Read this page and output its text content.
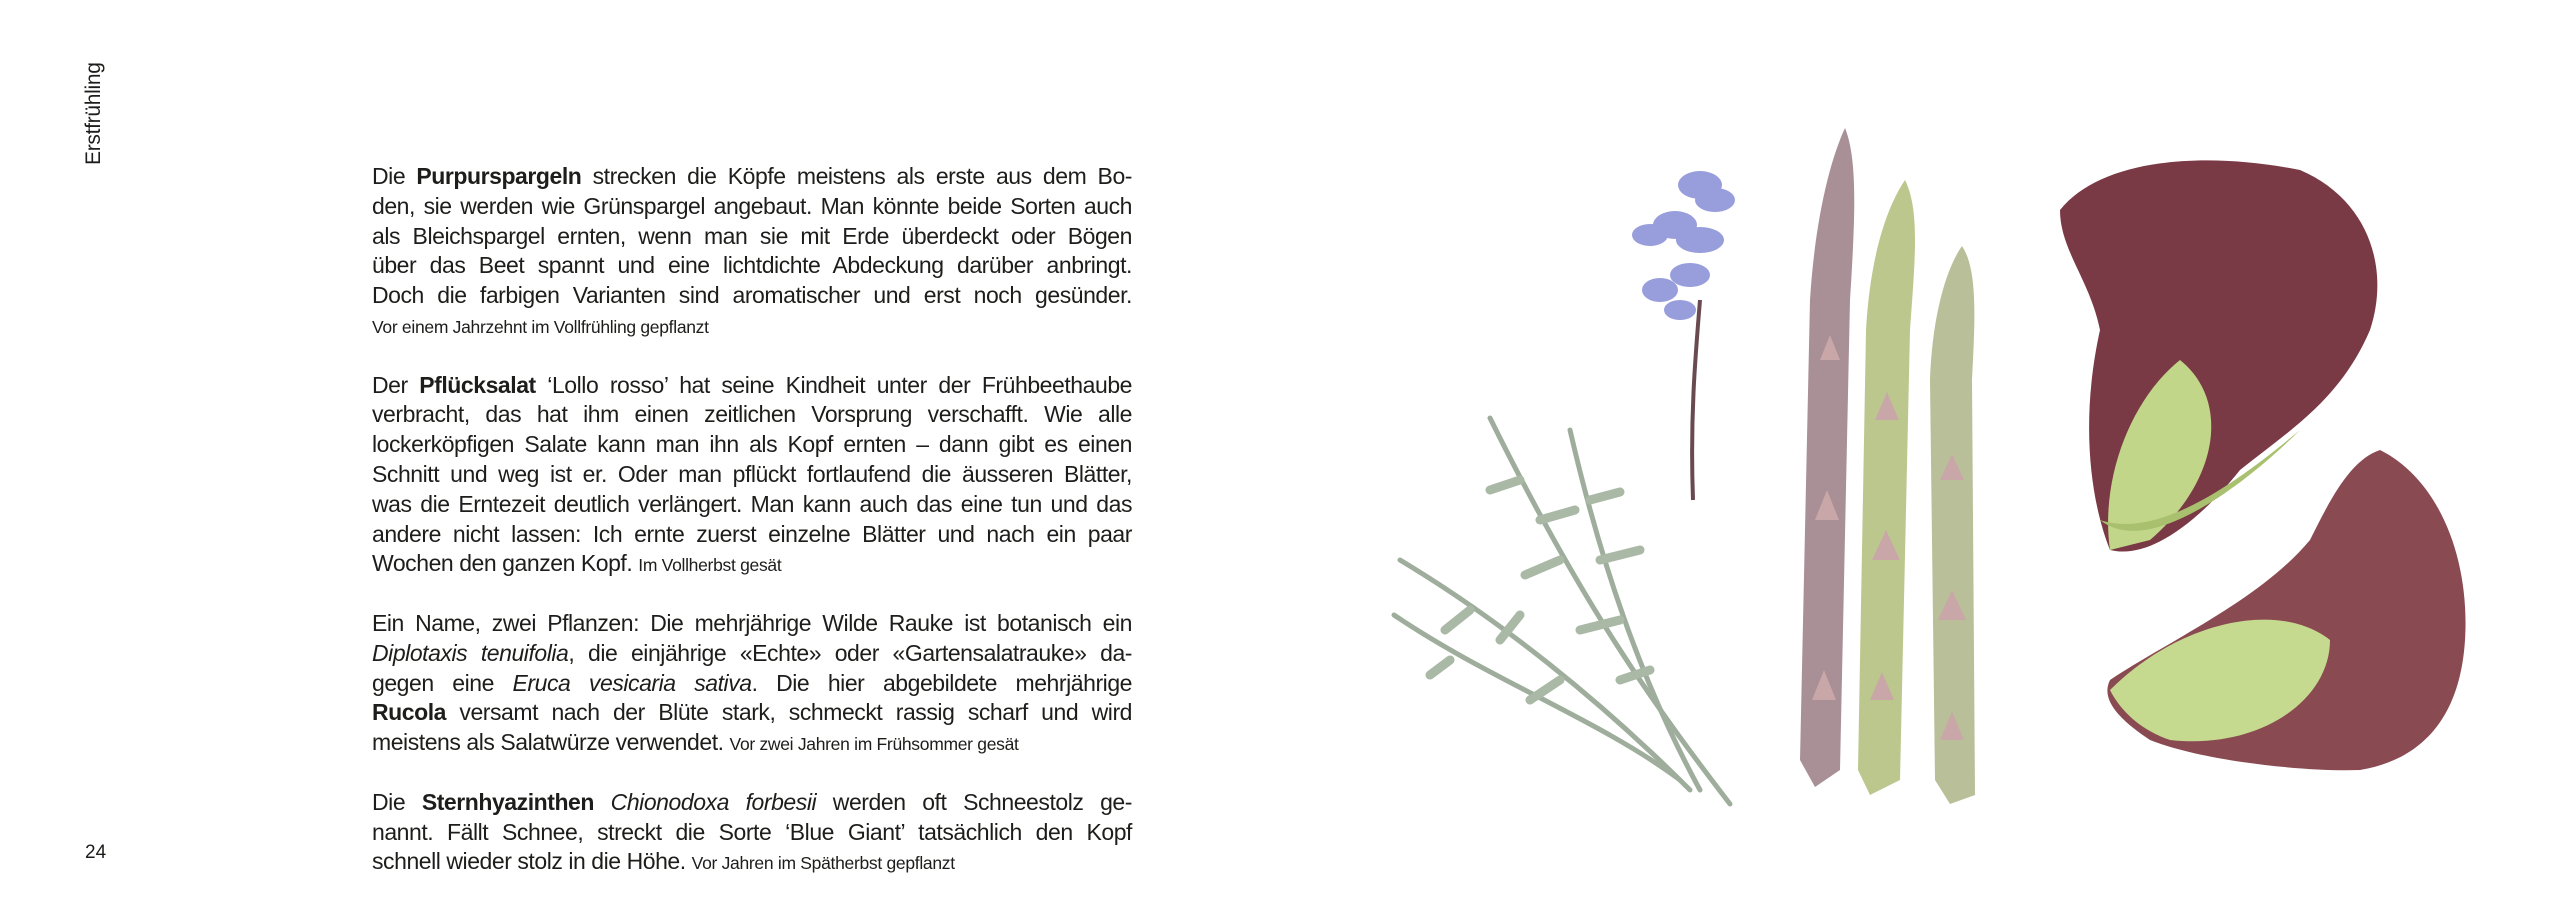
Erstfrühling
24
Die Purpurspargeln strecken die Köpfe meistens als erste aus dem Bo-
den, sie werden wie Grünspargel angebaut. Man könnte beide Sorten auch
als Bleichspargel ernten, wenn man sie mit Erde überdeckt oder Bögen
über das Beet spannt und eine lichtdichte Abdeckung darüber anbringt.
Doch die farbigen Varianten sind aromatischer und erst noch gesünder.
Vor einem Jahrzehnt im Vollfrühling gepflanzt
Der Pflücksalat ‘Lollo rosso’ hat seine Kindheit unter der Frühbeethaube
verbracht, das hat ihm einen zeitlichen Vorsprung verschafft. Wie alle
lockerköpfigen Salate kann man ihn als Kopf ernten – dann gibt es einen
Schnitt und weg ist er. Oder man pflückt fortlaufend die äusseren Blätter,
was die Erntezeit deutlich verlängert. Man kann auch das eine tun und das
andere nicht lassen: Ich ernte zuerst einzelne Blätter und nach ein paar
Wochen den ganzen Kopf. Im Vollherbst gesät
Ein Name, zwei Pflanzen: Die mehrjährige Wilde Rauke ist botanisch ein
Diplotaxis tenuifolia, die einjährige «Echte» oder «Gartensalatrauke» da-
gegen eine Eruca vesicaria sativa. Die hier abgebildete mehrjährige
Rucola versamt nach der Blüte stark, schmeckt rassig scharf und wird
meistens als Salatwürze verwendet. Vor zwei Jahren im Frühsommer gesät
Die Sternhyazinthen Chionodoxa forbesii werden oft Schneestolz ge-
nannt. Fällt Schnee, streckt die Sorte ‘Blue Giant’ tatsächlich den Kopf
schnell wieder stolz in die Höhe. Vor Jahren im Spätherbst gepflanzt
